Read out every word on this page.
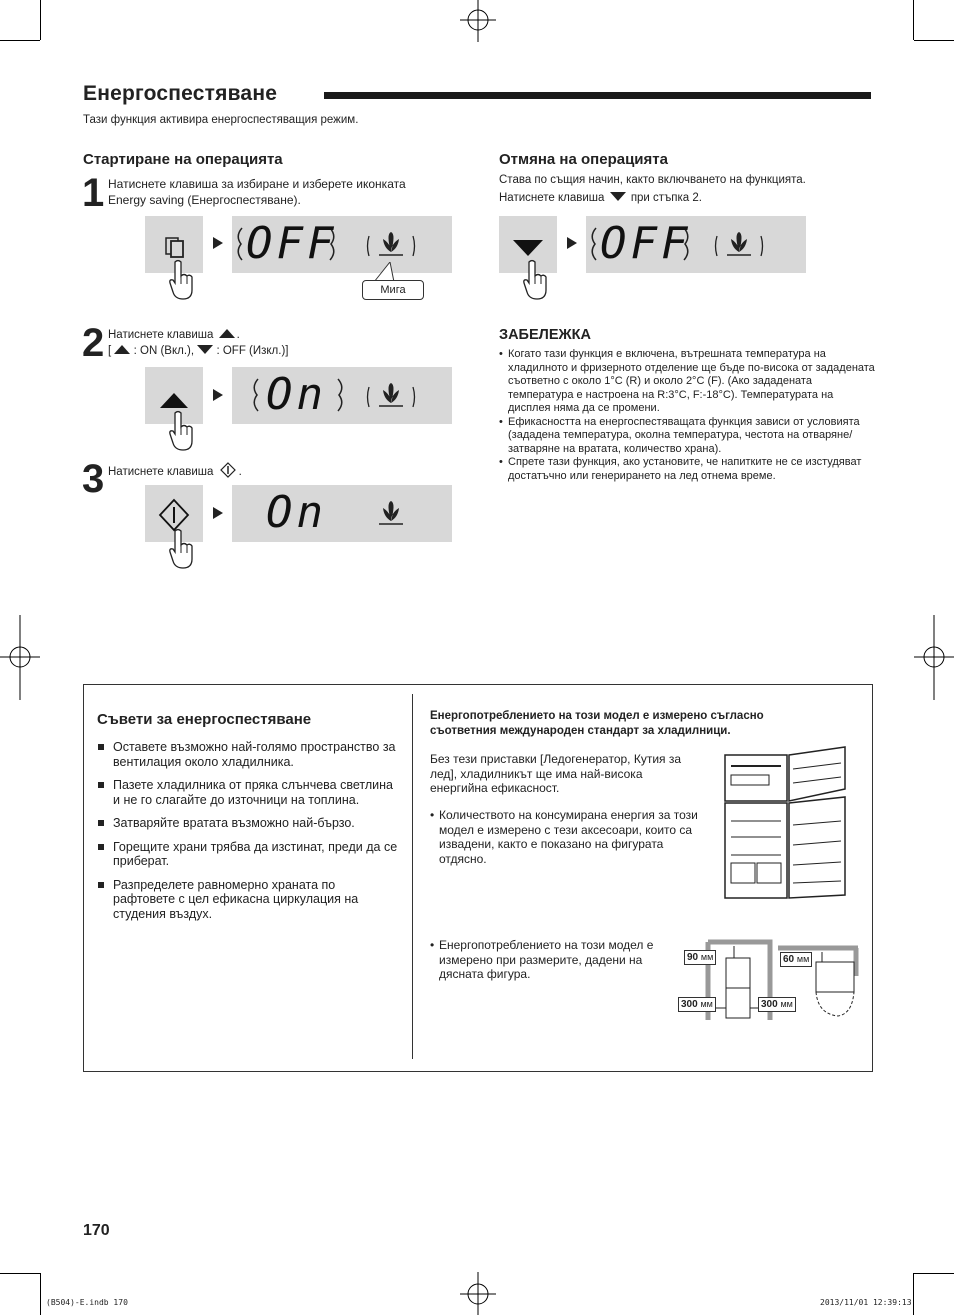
Енергоспестяване
Тази функция активира енергоспестяващия режим.
Стартиране на операцията
1 Натиснете клавиша за избиране и изберете иконката
Energy saving (Енергоспестяване).
OFF
Мига
2 Натиснете клавиша .
[ : ON (Вкл.), : OFF (Изкл.)]
On
3 Натиснете клавиша .
On
Отмяна на операцията
Става по същия начин, както включването на функцията.
Натиснете клавиша при стъпка 2.
OFF
ЗАБЕЛЕЖКА
• Когато тази функция е включена, вътрешната температура на хладилното и фризерното отделение ще бъде по-висока от зададената съответно с около 1°C (R) и около 2°C (F). (Ако зададената температура е настроена на R:3°C, F:-18°C). Температурата на дисплея няма да се промени.
• Ефикасността на енергоспестяващата функция зависи от условията (зададена температура, околна температура, честота на отваряне/затваряне на вратата, количество храна).
• Спрете тази функция, ако установите, че напитките не се изстудяват достатъчно или генерирането на лед отнема време.
Съвети за енергоспестяване
Оставете възможно най-голямо пространство за вентилация около хладилника.
Пазете хладилника от пряка слънчева светлина и не го слагайте до източници на топлина.
Затваряйте вратата възможно най-бързо.
Горещите храни трябва да изстинат, преди да се приберат.
Разпределете равномерно храната по рафтовете с цел ефикасна циркулация на студения въздух.
Енергопотреблението на този модел е измерено съгласно съответния международен стандарт за хладилници.
Без тези приставки [Ледогенератор, Кутия за лед], хладилникът ще има най-висока енергийна ефикасност.
• Количеството на консумирана енергия за този модел е измерено с тези аксесоари, които са извадени, както е показано на фигурата отдясно.
• Енергопотреблението на този модел е измерено при размерите, дадени на дясната фигура.
90 мм
300 мм	300 мм
60 мм
170
(B504)-E.indb 170	2013/11/01 12:39:13
